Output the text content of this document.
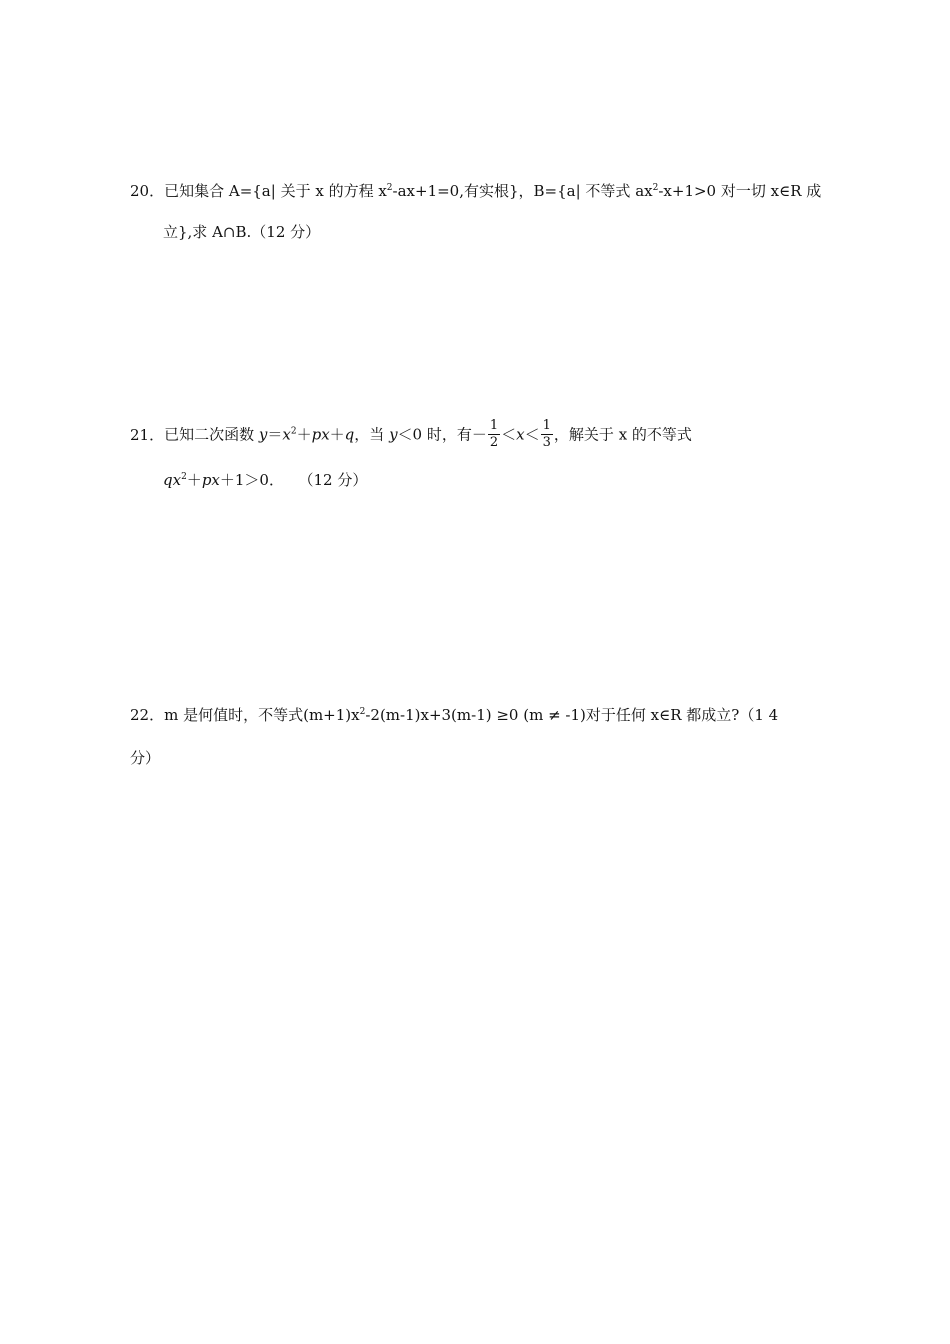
20．已知集合 A={a| 关于 x 的方程 $x^2-ax+1=0$,有实根}，B={a| 不等式 $ax^2-x+1>0$ 对一切 x∈R 成
立},求 A∩B.（12 分）
21．已知二次函数 $y=x^2+px+q$，当 y＜0 时，有－ $\frac{1}{2} <x< \frac{1}{3}$ ，解关于 x 的不等式
$qx^2+px+1>0$． （12 分）
22．m 是何值时，不等式$(m+1)x^2-2(m-1)x+3(m-1) \ge 0$ (m ≠ -1)对于任何 x∈R 都成立?（1 4
分）
